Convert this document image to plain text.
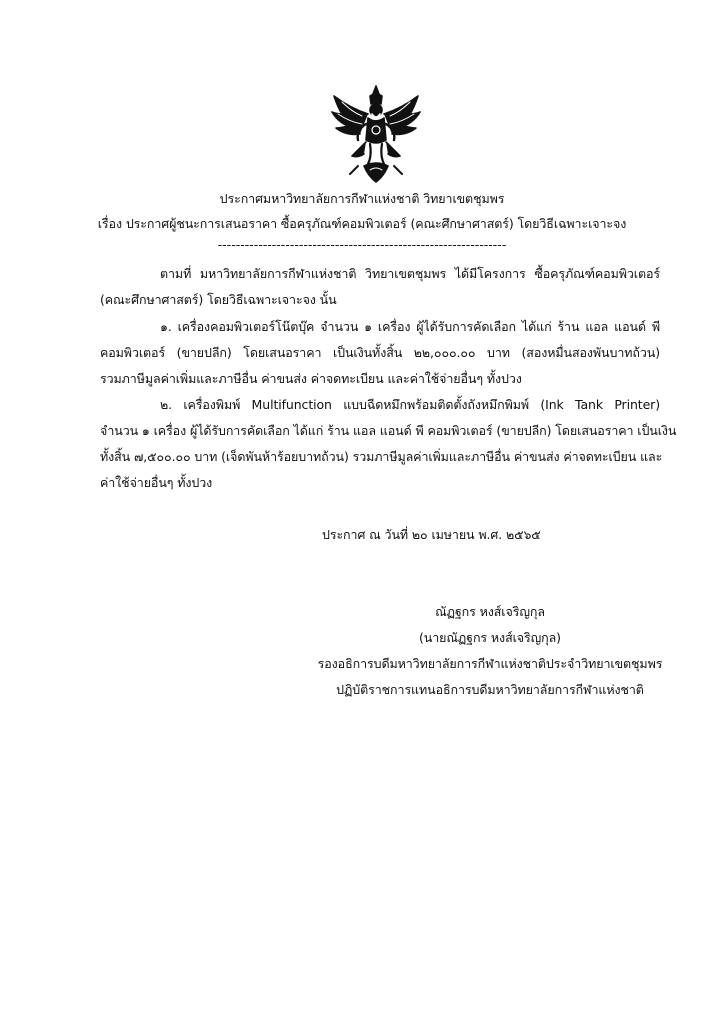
ประกาศมหาวิทยาลัยการกีฬาแห่งชาติ วิทยาเขตชุมพร
เรื่อง ประกาศผู้ชนะการเสนอราคา ซื้อครุภัณฑ์คอมพิวเตอร์ (คณะศึกษาศาสตร์) โดยวิธีเฉพาะเจาะจง
----------------------------------------------------------------
ตามที่ มหาวิทยาลัยการกีฬาแห่งชาติ วิทยาเขตชุมพร ได้มีโครงการ ซื้อครุภัณฑ์คอมพิวเตอร์
(คณะศึกษาศาสตร์) โดยวิธีเฉพาะเจาะจง นั้น
๑. เครื่องคอมพิวเตอร์โน๊ตบุ๊ค จำนวน ๑ เครื่อง ผู้ได้รับการคัดเลือก ได้แก่ ร้าน แอล แอนด์ พี
คอมพิวเตอร์ (ขายปลีก) โดยเสนอราคา เป็นเงินทั้งสิ้น ๒๒,๐๐๐.๐๐ บาท (สองหมื่นสองพันบาทถ้วน)
รวมภาษีมูลค่าเพิ่มและภาษีอื่น ค่าขนส่ง ค่าจดทะเบียน และค่าใช้จ่ายอื่นๆ ทั้งปวง
๒. เครื่องพิมพ์ Multifunction แบบฉีดหมึกพร้อมติดตั้งถังหมึกพิมพ์ (Ink Tank Printer)
จำนวน ๑ เครื่อง ผู้ได้รับการคัดเลือก ได้แก่ ร้าน แอล แอนด์ พี คอมพิวเตอร์ (ขายปลีก) โดยเสนอราคา เป็นเงิน
ทั้งสิ้น ๗,๕๐๐.๐๐ บาท (เจ็ดพันห้าร้อยบาทถ้วน) รวมภาษีมูลค่าเพิ่มและภาษีอื่น ค่าขนส่ง ค่าจดทะเบียน และ
ค่าใช้จ่ายอื่นๆ ทั้งปวง
ประกาศ ณ วันที่ ๒๐ เมษายน พ.ศ. ๒๕๖๕
ณัฏฐกร หงส์เจริญกุล
(นายณัฏฐกร หงส์เจริญกุล)
รองอธิการบดีมหาวิทยาลัยการกีฬาแห่งชาติประจำวิทยาเขตชุมพร
ปฏิบัติราชการแทนอธิการบดีมหาวิทยาลัยการกีฬาแห่งชาติ
